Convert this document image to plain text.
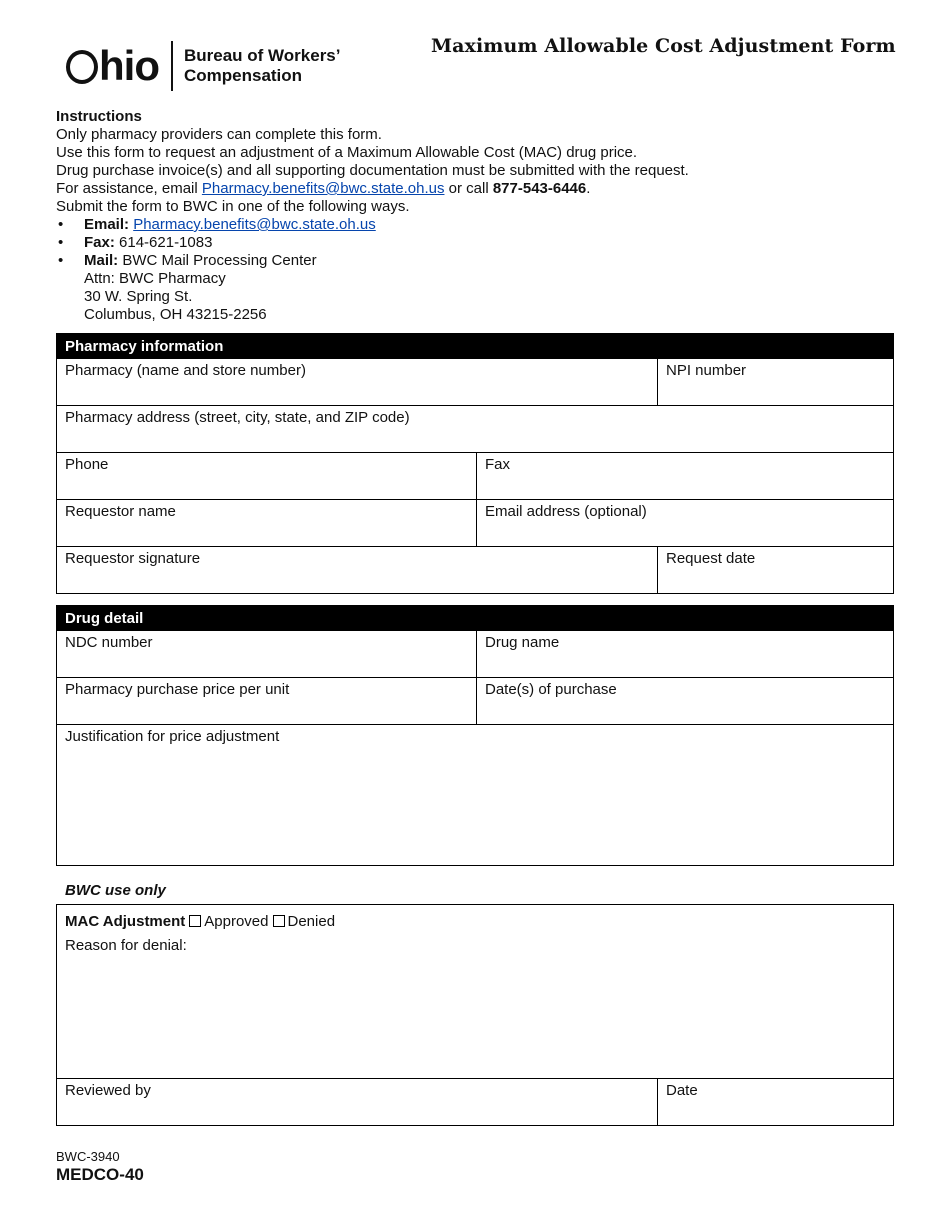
hio Bureau of Workers’
Compensation
Maximum Allowable Cost Adjustment Form

Instructions

Only pharmacy providers can complete this form.

Use this form to request an adjustment of a Maximum Allowable Cost (MAC) drug price.

Drug purchase invoice(s) and all supporting documentation must be submitted with the request.

For assistance, email Pharmacy.benefits@bwc.state.oh.us or call 877-543-6446.

Submit the form to BWC in one of the following ways.

• Email: Pharmacy.benefits@bwc.state.oh.us
• Fax: 614-621-1083
• Mail: BWC Mail Processing Center
Attn: BWC Pharmacy
30 W. Spring St.
Columbus, OH 43215-2256
Pharmacy information
Pharmacy (name and store number)	NPI number
Pharmacy address (street, city, state, and ZIP code)
Phone	Fax
Requestor name	Email address (optional)
Requestor signature	Request date
Drug detail
NDC number	Drug name
Pharmacy purchase price per unit	Date(s) of purchase
Justification for price adjustment
BWC use only
MAC Adjustment Approved Denied
Reason for denial:
Reviewed by	Date
BWC-3940
MEDCO-40
